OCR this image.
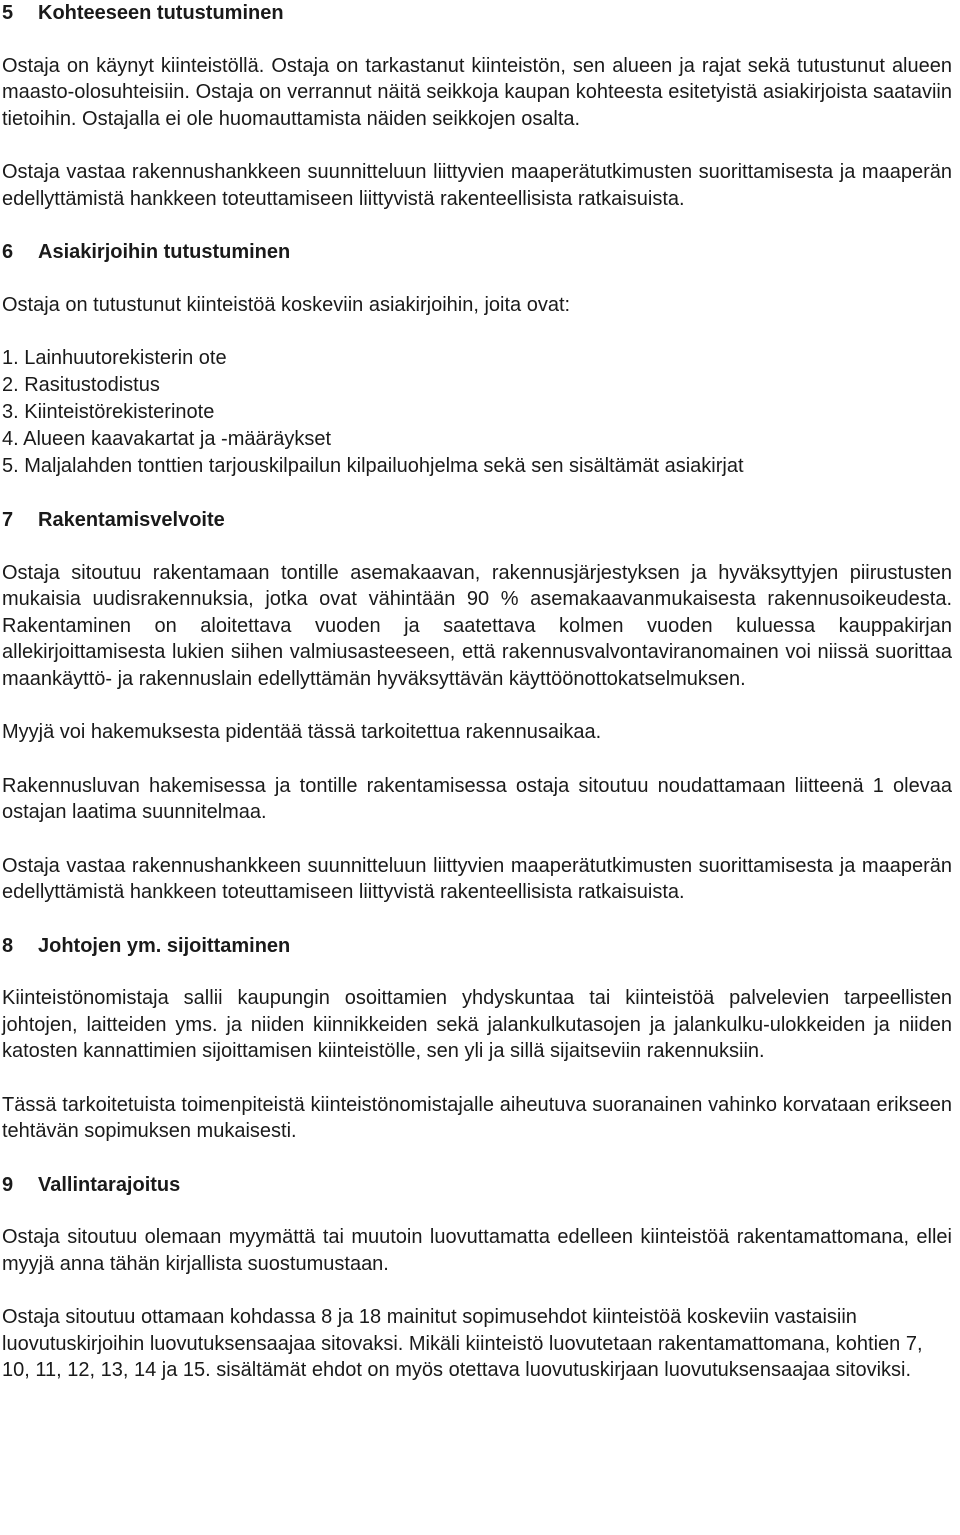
5	Kohteeseen tutustuminen

Ostaja on käynyt kiinteistöllä. Ostaja on tarkastanut kiinteistön, sen alueen ja rajat sekä tutustunut alueen maasto-olosuhteisiin. Ostaja on verrannut näitä seikkoja kaupan kohteesta esitetyistä asiakirjoista saataviin tietoihin. Ostajalla ei ole huomauttamista näiden seikkojen osalta.

Ostaja vastaa rakennushankkeen suunnitteluun liittyvien maaperätutkimusten suorittamisesta ja maaperän edellyttämistä hankkeen toteuttamiseen liittyvistä rakenteellisista ratkaisuista.

6	Asiakirjoihin tutustuminen

Ostaja on tutustunut kiinteistöä koskeviin asiakirjoihin, joita ovat:

1. Lainhuutorekisterin ote
2. Rasitustodistus
3. Kiinteistörekisterinote
4. Alueen kaavakartat ja -määräykset
5. Maljalahden tonttien tarjouskilpailun kilpailuohjelma sekä sen sisältämät asiakirjat
7	Rakentamisvelvoite

Ostaja sitoutuu rakentamaan tontille asemakaavan, rakennusjärjestyksen ja hyväksyttyjen piirustusten mukaisia uudisrakennuksia, jotka ovat vähintään 90 % asemakaavanmukaisesta rakennusoikeudesta. Rakentaminen on aloitettava vuoden ja saatettava kolmen vuoden kuluessa kauppakirjan allekirjoittamisesta lukien siihen valmiusasteeseen, että rakennusvalvontaviranomainen voi niissä suorittaa maankäyttö- ja rakennuslain edellyttämän hyväksyttävän käyttöönottokatselmuksen.

Myyjä voi hakemuksesta pidentää tässä tarkoitettua rakennusaikaa.

Rakennusluvan hakemisessa ja tontille rakentamisessa ostaja sitoutuu noudattamaan liitteenä 1 olevaa ostajan laatima suunnitelmaa.

Ostaja vastaa rakennushankkeen suunnitteluun liittyvien maaperätutkimusten suorittamisesta ja maaperän edellyttämistä hankkeen toteuttamiseen liittyvistä rakenteellisista ratkaisuista.

8	Johtojen ym. sijoittaminen

Kiinteistönomistaja sallii kaupungin osoittamien yhdyskuntaa tai kiinteistöä palvelevien tarpeellisten johtojen, laitteiden yms. ja niiden kiinnikkeiden sekä jalankulkutasojen ja jalankulku-ulokkeiden ja niiden katosten kannattimien sijoittamisen kiinteistölle, sen yli ja sillä sijaitseviin rakennuksiin.

Tässä tarkoitetuista toimenpiteistä kiinteistönomistajalle aiheutuva suoranainen vahinko korvataan erikseen tehtävän sopimuksen mukaisesti.

9	Vallintarajoitus

Ostaja sitoutuu olemaan myymättä tai muutoin luovuttamatta edelleen kiinteistöä rakentamattomana, ellei myyjä anna tähän kirjallista suostumustaan.

Ostaja sitoutuu ottamaan kohdassa 8 ja 18 mainitut sopimusehdot kiinteistöä koskeviin vastaisiin luovutuskirjoihin luovutuksensaajaa sitovaksi. Mikäli kiinteistö luovutetaan rakentamattomana, kohtien 7, 10, 11, 12, 13, 14 ja 15. sisältämät ehdot on myös otettava luovutuskirjaan luovutuksensaajaa sitoviksi.
